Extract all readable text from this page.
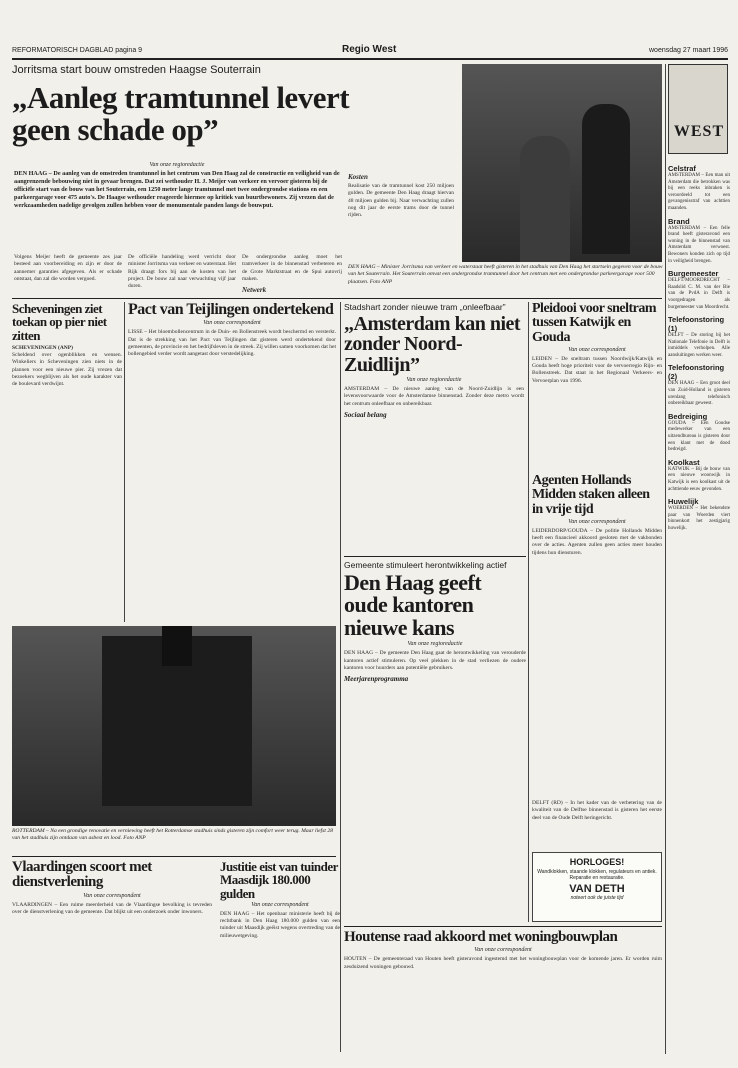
REFORMATORISCH DAGBLAD pagina 9	Regio West	woensdag 27 maart 1996
Jorritsma start bouw omstreden Haagse Souterrain
„Aanleg tramtunnel levert geen schade op”
Van onze regioredactie
DEN HAAG – De aanleg van de omstreden tramtunnel in het centrum van Den Haag zal de constructie en veiligheid van de aangrenzende bebouwing niet in gevaar brengen. Dat zei wethouder H. J. Meijer van verkeer en vervoer gisteren bij de officiële start van de bouw van het Souterrain, een 1250 meter lange tramtunnel met twee ondergrondse stations en een parkeergarage voor 475 auto's. De Haagse wethouder reageerde hiermee op kritiek van buurtbewoners. Zij vrezen dat de werkzaamheden nadelige gevolgen zullen hebben voor de monumentale panden langs de bouwput.

Volgens Meijer heeft de gemeente zes jaar besteed aan voorbereiding en zijn er door de aannemer garanties afgegeven. Als er schade ontstaat, dan zal die worden vergoed.

De officiële handeling werd verricht door minister Jorritsma van verkeer en waterstaat. Het Rijk draagt fors bij aan de kosten van het project. De bouw zal naar verwachting vijf jaar duren.

De ondergrondse aanleg moet het tramverkeer in de binnenstad verbeteren en de Grote Marktstraat en de Spui autovrij maken.

Netwerk
Kosten

Realisatie van de tramtunnel kost 250 miljoen gulden. De gemeente Den Haag draagt hiervan 48 miljoen gulden bij. Naar verwachting zullen nog dit jaar de eerste trams door de tunnel rijden.

DEN HAAG – Minister Jorritsma van verkeer en waterstaat heeft gisteren in het stadhuis van Den Haag het startsein gegeven voor de bouw van het Souterrain. Het Souterrain omvat een ondergrondse tramtunnel door het centrum met een ondergrondse parkeergarage voor 500 plaatsen. Foto ANP
WEST
Celstraf
AMSTERDAM – Een man uit Amsterdam die betrokken was bij een reeks inbraken is veroordeeld tot een gevangenisstraf van achttien maanden.
Brand
AMSTERDAM – Een felle brand heeft gisteravond een woning in de binnenstad van Amsterdam verwoest. Bewoners konden zich op tijd in veiligheid brengen.
Burgemeester
DELFT/MOORDRECHT – Raadslid C. M. van der Bie van de PvdA in Delft is voorgedragen als burgemeester van Moordrecht.
Telefoonstoring (1)
DELFT – De storing bij het Nationale Telefonie in Delft is inmiddels verholpen. Alle aansluitingen werken weer.
Telefoonstoring (2)
DEN HAAG – Een groot deel van Zuid-Holland is gisteren urenlang telefonisch onbereikbaar geweest.
Bedreiging
GOUDA – Een Goudse medewerker van een uitzendbureau is gisteren door een klant met de dood bedreigd.
Koolkast
KATWIJK – Bij de bouw van een nieuwe woonwijk in Katwijk is een koolkast uit de achttiende eeuw gevonden.
Huwelijk
WOERDEN – Het bekendste paar van Woerden viert binnenkort het zestigjarig huwelijk.
Scheveningen ziet toekan op pier niet zitten
SCHEVENINGEN (ANP)
Scheldend over ogenblikken en wensen. Winkeliers in Scheveningen zien niets in de plannen voor een nieuwe pier. Zij vrezen dat bezoekers wegblijven als het oude karakter van de boulevard verdwijnt.
Pact van Teijlingen ondertekend
Van onze correspondent
LISSE – Het bloembollencentrum in de Duin- en Bollenstreek wordt beschermd en versterkt. Dat is de strekking van het Pact van Teijlingen dat gisteren werd ondertekend door gemeenten, de provincie en het bedrijfsleven in de streek. Zij willen samen voorkomen dat het bollengebied verder wordt aangetast door verstedelijking.
Stadshart zonder nieuwe tram „onleefbaar”
„Amsterdam kan niet zonder Noord-Zuidlijn”
Van onze regioredactie
AMSTERDAM – De nieuwe aanleg van de Noord-Zuidlijn is een levensvoorwaarde voor de Amsterdamse binnenstad. Zonder deze metro wordt het centrum onleefbaar en onbereikbaar.
Sociaal belang
Pleidooi voor sneltram tussen Katwijk en Gouda
Van onze correspondent
LEIDEN – De sneltram tussen Noordwijk/Katwijk en Gouda heeft hoge prioriteit voor de vervoerregio Rijn- en Bollenstreek. Dat staat in het Regionaal Verkeers- en Vervoerplan van 1996.
Agenten Hollands Midden staken alleen in vrije tijd
Van onze correspondent
LEIDERDORP/GOUDA – De politie Hollands Midden heeft een financieel akkoord gesloten met de vakbonden over de acties. Agenten zullen geen acties meer houden tijdens hun diensturen.
Gemeente stimuleert herontwikkeling actief
Den Haag geeft oude kantoren nieuwe kans
Van onze regioredactie
DEN HAAG – De gemeente Den Haag gaat de herontwikkeling van verouderde kantoren actief stimuleren. Op veel plekken in de stad verliezen de oudere kantoren voor huurders aan potentiële gebruikers.
Meerjarenprogramma
DELFT (RD) – In het kader van de verbetering van de kwaliteit van de Delftse binnenstad is gisteren het eerste deel van de Oude Delft heringericht.
HORLOGES!
Wandklokken, staande klokken, regulateurs en antiek. Reparatie en restauratie.
VAN DETH
noteert ook de juiste tijd
ROTTERDAM – Na een grondige renovatie en verniewing heeft het Rotterdamse stadhuis sinds gisteren zijn comfort weer terug. Maar liefst 28 van het stadhuis zijn ontdaan van asbest en lood. Foto ANP
Vlaardingen scoort met dienstverlening
Van onze correspondent
VLAARDINGEN – Een ruime meerderheid van de Vlaardingse bevolking is tevreden over de dienstverlening van de gemeente. Dat blijkt uit een onderzoek onder inwoners.
Justitie eist van tuinder Maasdijk 180.000 gulden
Van onze correspondent
DEN HAAG – Het openbaar ministerie heeft bij de rechtbank in Den Haag 180.000 gulden van een tuinder uit Maasdijk geëist wegens overtreding van de milieuwetgeving.	Houtense raad akkoord met woningbouwplan
Van onze correspondent
HOUTEN – De gemeenteraad van Houten heeft gisteravond ingestemd met het woningbouwplan voor de komende jaren. Er worden ruim zesduizend woningen gebouwd.
